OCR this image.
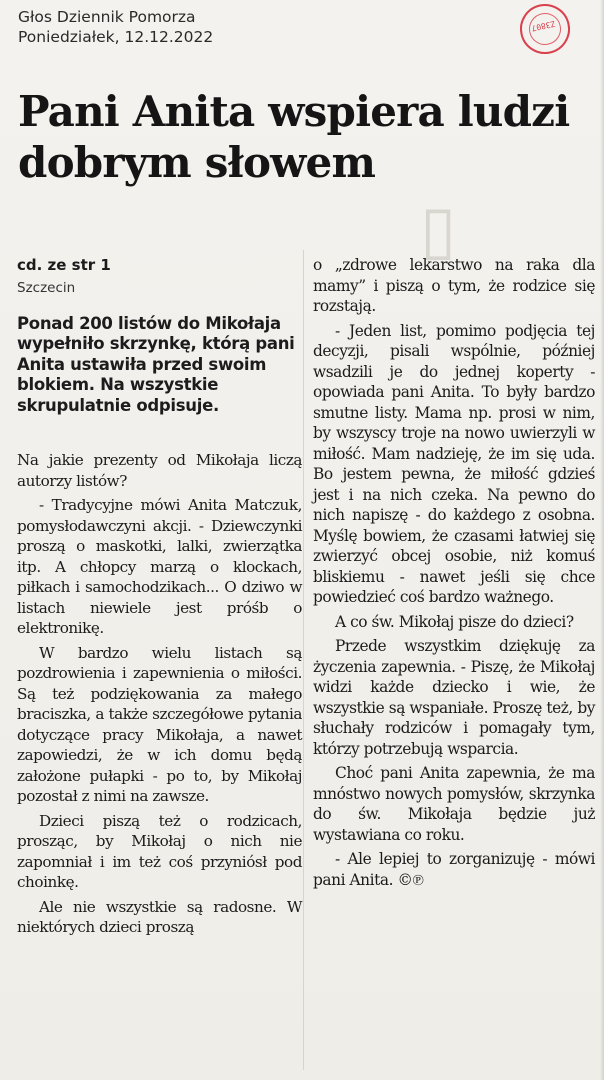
Głos Dziennik Pomorza
Poniedziałek, 12.12.2022
Z3807
▯
Pani Anita wspiera ludzi dobrym słowem
cd. ze str 1
Szczecin
Ponad 200 listów do Mikołaja wypełniło skrzynkę, którą pani Anita ustawiła przed swoim blokiem. Na wszystkie skrupulatnie odpisuje.

Na jakie prezenty od Mikołaja liczą autorzy listów?

- Tradycyjne mówi Anita Matczuk, pomysłodawczyni akcji. - Dziewczynki proszą o maskotki, lalki, zwierzątka itp. A chłopcy marzą o klockach, piłkach i samochodzikach... O dziwo w listach niewiele jest próśb o elektronikę.

W bardzo wielu listach są pozdrowienia i zapewnienia o miłości. Są też podziękowania za małego braciszka, a także szczegółowe pytania dotyczące pracy Mikołaja, a nawet zapowiedzi, że w ich domu będą założone pułapki - po to, by Mikołaj pozostał z nimi na zawsze.

Dzieci piszą też o rodzicach, prosząc, by Mikołaj o nich nie zapomniał i im też coś przyniósł pod choinkę.

Ale nie wszystkie są radosne. W niektórych dzieci proszą

o „zdrowe lekarstwo na raka dla mamy” i piszą o tym, że rodzice się rozstają.

- Jeden list, pomimo podjęcia tej decyzji, pisali wspólnie, później wsadzili je do jednej koperty - opowiada pani Anita. To były bardzo smutne listy. Mama np. prosi w nim, by wszyscy troje na nowo uwierzyli w miłość. Mam nadzieję, że im się uda. Bo jestem pewna, że miłość gdzieś jest i na nich czeka. Na pewno do nich napiszę - do każdego z osobna. Myślę bowiem, że czasami łatwiej się zwierzyć obcej osobie, niż komuś bliskiemu - nawet jeśli się chce powiedzieć coś bardzo ważnego.

A co św. Mikołaj pisze do dzieci?

Przede wszystkim dziękuję za życzenia zapewnia. - Piszę, że Mikołaj widzi każde dziecko i wie, że wszystkie są wspaniałe. Proszę też, by słuchały rodziców i pomagały tym, którzy potrzebują wsparcia.

Choć pani Anita zapewnia, że ma mnóstwo nowych pomysłów, skrzynka do św. Mikołaja będzie już wystawiana co roku.

- Ale lepiej to zorganizuję - mówi pani Anita. ©℗
